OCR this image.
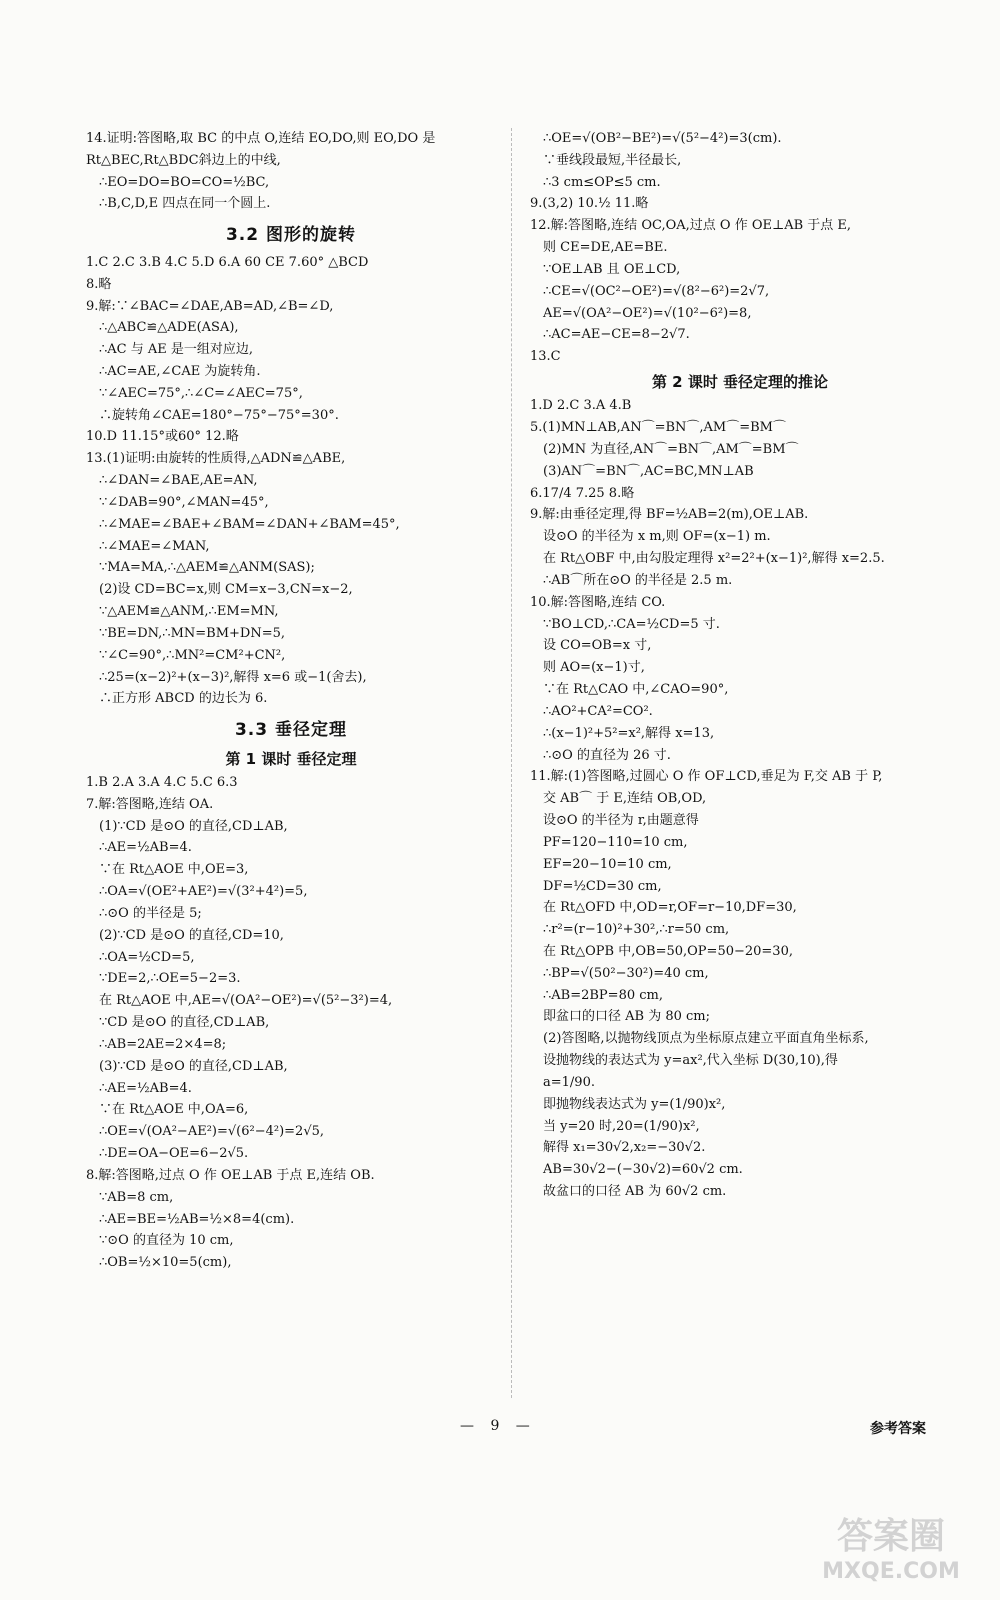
14.证明:答图略,取 BC 的中点 O,连结 EO,DO,则 EO,DO 是
Rt△BEC,Rt△BDC斜边上的中线,
∴EO=DO=BO=CO=½BC,
∴B,C,D,E 四点在同一个圆上.
3.2 图形的旋转
1.C 2.C 3.B 4.C 5.D 6.A 60 CE 7.60° △BCD
8.略
9.解:∵∠BAC=∠DAE,AB=AD,∠B=∠D,
∴△ABC≌△ADE(ASA),
∴AC 与 AE 是一组对应边,
∴AC=AE,∠CAE 为旋转角.
∵∠AEC=75°,∴∠C=∠AEC=75°,
∴旋转角∠CAE=180°−75°−75°=30°.
10.D 11.15°或60° 12.略
13.(1)证明:由旋转的性质得,△ADN≌△ABE,
∴∠DAN=∠BAE,AE=AN,
∵∠DAB=90°,∠MAN=45°,
∴∠MAE=∠BAE+∠BAM=∠DAN+∠BAM=45°,
∴∠MAE=∠MAN,
∵MA=MA,∴△AEM≌△ANM(SAS);
(2)设 CD=BC=x,则 CM=x−3,CN=x−2,
∵△AEM≌△ANM,∴EM=MN,
∵BE=DN,∴MN=BM+DN=5,
∵∠C=90°,∴MN²=CM²+CN²,
∴25=(x−2)²+(x−3)²,解得 x=6 或−1(舍去),
∴正方形 ABCD 的边长为 6.
3.3 垂径定理
第 1 课时 垂径定理
1.B 2.A 3.A 4.C 5.C 6.3
7.解:答图略,连结 OA.
(1)∵CD 是⊙O 的直径,CD⊥AB,
∴AE=½AB=4.
∵在 Rt△AOE 中,OE=3,
∴OA=√(OE²+AE²)=√(3²+4²)=5,
∴⊙O 的半径是 5;
(2)∵CD 是⊙O 的直径,CD=10,
∴OA=½CD=5,
∵DE=2,∴OE=5−2=3.
在 Rt△AOE 中,AE=√(OA²−OE²)=√(5²−3²)=4,
∵CD 是⊙O 的直径,CD⊥AB,
∴AB=2AE=2×4=8;
(3)∵CD 是⊙O 的直径,CD⊥AB,
∴AE=½AB=4.
∵在 Rt△AOE 中,OA=6,
∴OE=√(OA²−AE²)=√(6²−4²)=2√5,
∴DE=OA−OE=6−2√5.
8.解:答图略,过点 O 作 OE⊥AB 于点 E,连结 OB.
∵AB=8 cm,
∴AE=BE=½AB=½×8=4(cm).
∵⊙O 的直径为 10 cm,
∴OB=½×10=5(cm),
∴OE=√(OB²−BE²)=√(5²−4²)=3(cm).
∵垂线段最短,半径最长,
∴3 cm≤OP≤5 cm.
9.(3,2) 10.½ 11.略
12.解:答图略,连结 OC,OA,过点 O 作 OE⊥AB 于点 E,
则 CE=DE,AE=BE.
∵OE⊥AB 且 OE⊥CD,
∴CE=√(OC²−OE²)=√(8²−6²)=2√7,
AE=√(OA²−OE²)=√(10²−6²)=8,
∴AC=AE−CE=8−2√7.
13.C
第 2 课时 垂径定理的推论
1.D 2.C 3.A 4.B
5.(1)MN⊥AB,AN⌒=BN⌒,AM⌒=BM⌒
(2)MN 为直径,AN⌒=BN⌒,AM⌒=BM⌒
(3)AN⌒=BN⌒,AC=BC,MN⊥AB
6.17/4 7.25 8.略
9.解:由垂径定理,得 BF=½AB=2(m),OE⊥AB.
设⊙O 的半径为 x m,则 OF=(x−1) m.
在 Rt△OBF 中,由勾股定理得 x²=2²+(x−1)²,解得 x=2.5.
∴AB⌒所在⊙O 的半径是 2.5 m.
10.解:答图略,连结 CO.
∵BO⊥CD,∴CA=½CD=5 寸.
设 CO=OB=x 寸,
则 AO=(x−1)寸,
∵在 Rt△CAO 中,∠CAO=90°,
∴AO²+CA²=CO².
∴(x−1)²+5²=x²,解得 x=13,
∴⊙O 的直径为 26 寸.
11.解:(1)答图略,过圆心 O 作 OF⊥CD,垂足为 F,交 AB 于 P,
交 AB⌒ 于 E,连结 OB,OD,
设⊙O 的半径为 r,由题意得
PF=120−110=10 cm,
EF=20−10=10 cm,
DF=½CD=30 cm,
在 Rt△OFD 中,OD=r,OF=r−10,DF=30,
∴r²=(r−10)²+30²,∴r=50 cm,
在 Rt△OPB 中,OB=50,OP=50−20=30,
∴BP=√(50²−30²)=40 cm,
∴AB=2BP=80 cm,
即盆口的口径 AB 为 80 cm;
(2)答图略,以抛物线顶点为坐标原点建立平面直角坐标系,
设抛物线的表达式为 y=ax²,代入坐标 D(30,10),得
a=1/90.
即抛物线表达式为 y=(1/90)x²,
当 y=20 时,20=(1/90)x²,
解得 x₁=30√2,x₂=−30√2.
AB=30√2−(−30√2)=60√2 cm.
故盆口的口径 AB 为 60√2 cm.
— 9 —	参考答案
答案圈
MXQE.COM
